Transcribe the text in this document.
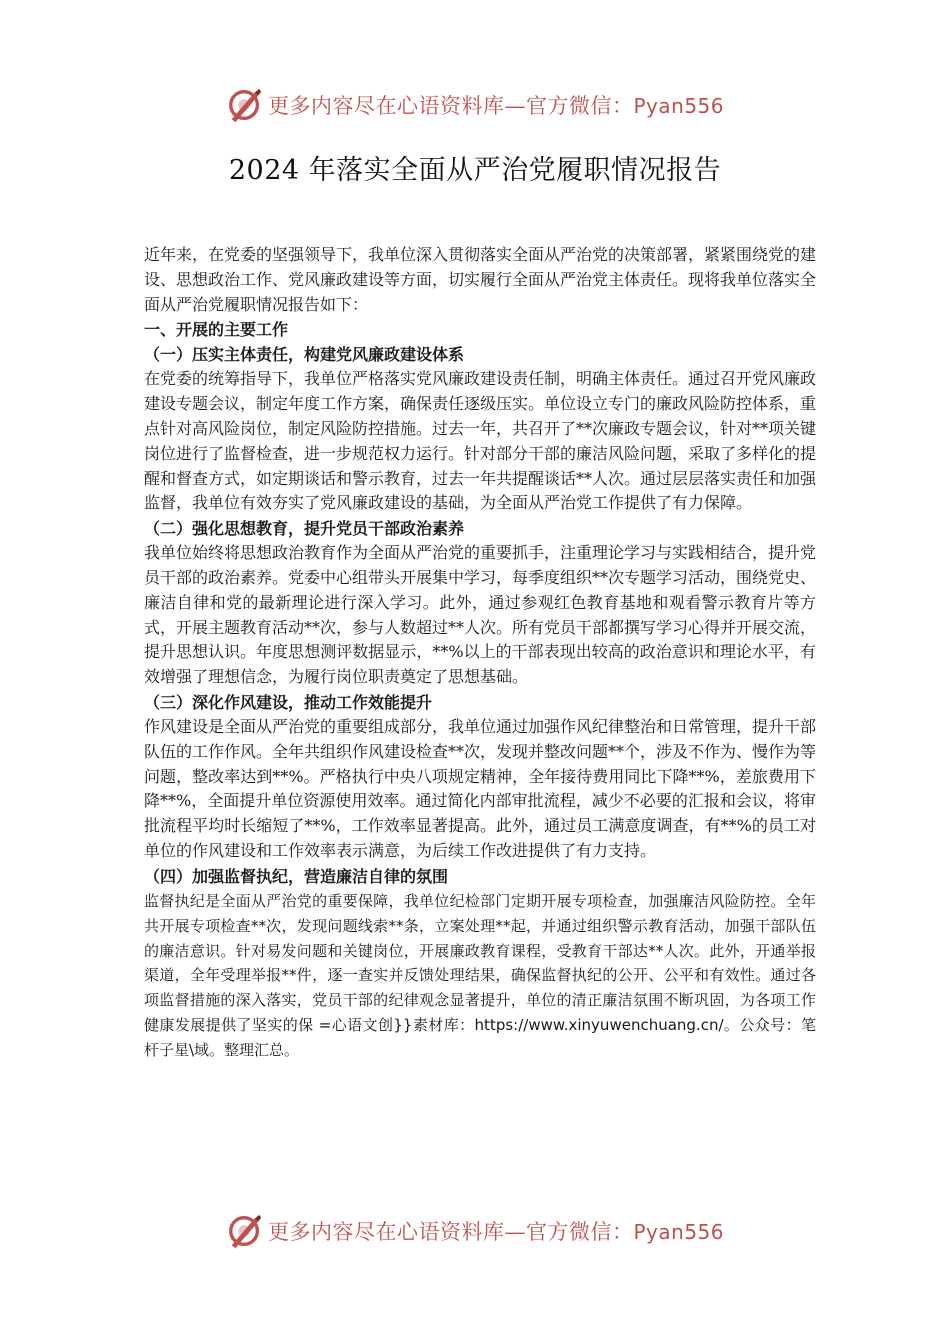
更多内容尽在心语资料库—官方微信：Pyan556
2024 年落实全面从严治党履职情况报告

近年来，在党委的坚强领导下，我单位深入贯彻落实全面从严治党的决策部署，紧紧围绕党的建设、思想政治工作、党风廉政建设等方面，切实履行全面从严治党主体责任。现将我单位落实全面从严治党履职情况报告如下：

一、开展的主要工作

（一）压实主体责任，构建党风廉政建设体系

在党委的统筹指导下，我单位严格落实党风廉政建设责任制，明确主体责任。通过召开党风廉政建设专题会议，制定年度工作方案，确保责任逐级压实。单位设立专门的廉政风险防控体系，重点针对高风险岗位，制定风险防控措施。过去一年，共召开了**次廉政专题会议，针对**项关键岗位进行了监督检查，进一步规范权力运行。针对部分干部的廉洁风险问题，采取了多样化的提醒和督查方式，如定期谈话和警示教育，过去一年共提醒谈话**人次。通过层层落实责任和加强监督，我单位有效夯实了党风廉政建设的基础，为全面从严治党工作提供了有力保障。

（二）强化思想教育，提升党员干部政治素养

我单位始终将思想政治教育作为全面从严治党的重要抓手，注重理论学习与实践相结合，提升党员干部的政治素养。党委中心组带头开展集中学习，每季度组织**次专题学习活动，围绕党史、廉洁自律和党的最新理论进行深入学习。此外，通过参观红色教育基地和观看警示教育片等方式，开展主题教育活动**次，参与人数超过**人次。所有党员干部都撰写学习心得并开展交流，提升思想认识。年度思想测评数据显示，**%以上的干部表现出较高的政治意识和理论水平，有效增强了理想信念，为履行岗位职责奠定了思想基础。

（三）深化作风建设，推动工作效能提升

作风建设是全面从严治党的重要组成部分，我单位通过加强作风纪律整治和日常管理，提升干部队伍的工作作风。全年共组织作风建设检查**次，发现并整改问题**个，涉及不作为、慢作为等问题，整改率达到**%。严格执行中央八项规定精神，全年接待费用同比下降**%，差旅费用下降**%，全面提升单位资源使用效率。通过简化内部审批流程，减少不必要的汇报和会议，将审批流程平均时长缩短了**%，工作效率显著提高。此外，通过员工满意度调查，有**%的员工对单位的作风建设和工作效率表示满意，为后续工作改进提供了有力支持。

（四）加强监督执纪，营造廉洁自律的氛围

监督执纪是全面从严治党的重要保障，我单位纪检部门定期开展专项检查，加强廉洁风险防控。全年共开展专项检查**次，发现问题线索**条，立案处理**起，并通过组织警示教育活动，加强干部队伍的廉洁意识。针对易发问题和关键岗位，开展廉政教育课程，受教育干部达**人次。此外，开通举报渠道，全年受理举报**件，逐一查实并反馈处理结果，确保监督执纪的公开、公平和有效性。通过各项监督措施的深入落实，党员干部的纪律观念显著提升，单位的清正廉洁氛围不断巩固，为各项工作健康发展提供了坚实的保 =心语文创}}素材库：https://www.xinyuwenchuang.cn/。公众号：笔杆子星\域。整理汇总。

更多内容尽在心语资料库—官方微信：Pyan556
